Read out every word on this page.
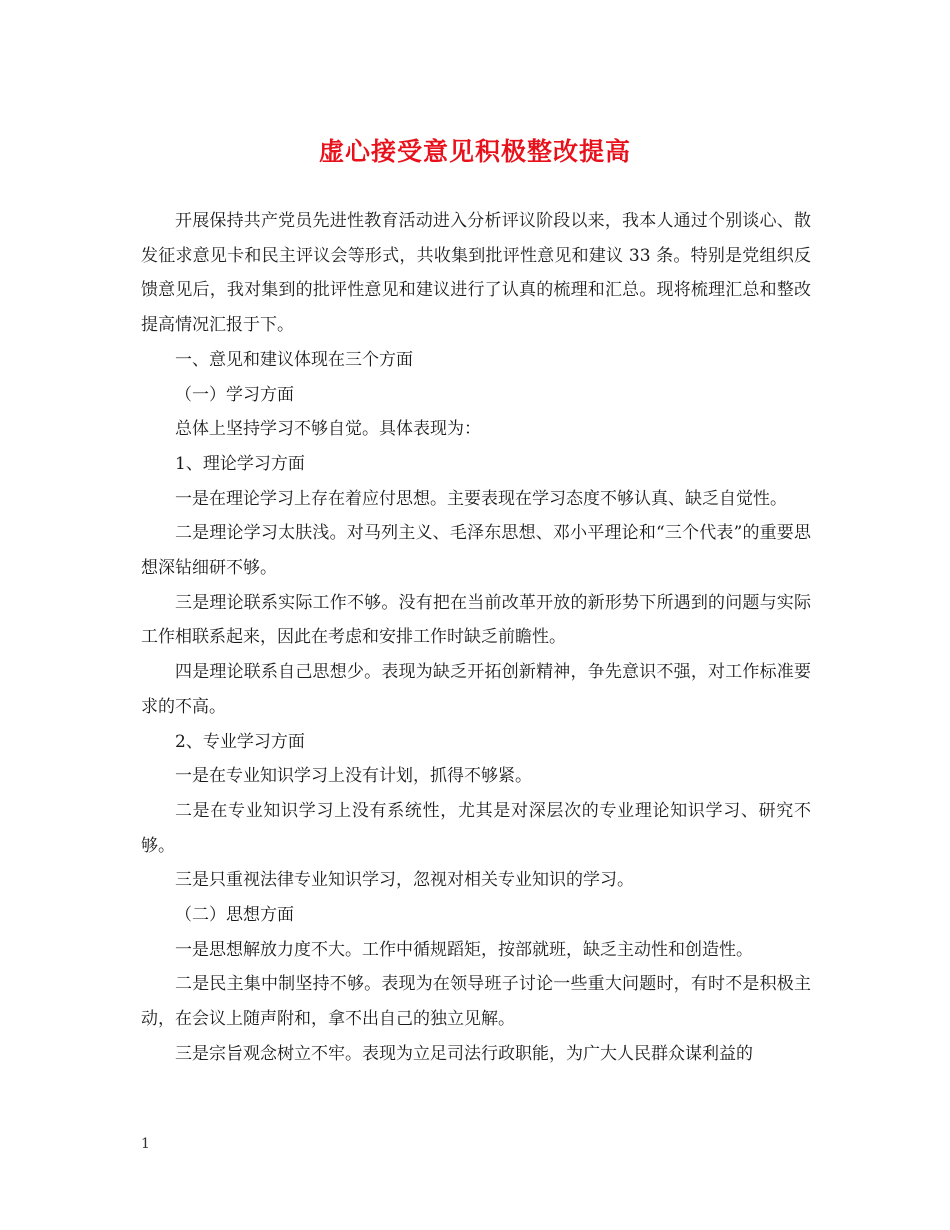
虚心接受意见积极整改提高

开展保持共产党员先进性教育活动进入分析评议阶段以来，我本人通过个别谈心、散发征求意见卡和民主评议会等形式，共收集到批评性意见和建议 33 条。特别是党组织反馈意见后，我对集到的批评性意见和建议进行了认真的梳理和汇总。现将梳理汇总和整改提高情况汇报于下。

一、意见和建议体现在三个方面

（一）学习方面

总体上坚持学习不够自觉。具体表现为：

1、理论学习方面

一是在理论学习上存在着应付思想。主要表现在学习态度不够认真、缺乏自觉性。

二是理论学习太肤浅。对马列主义、毛泽东思想、邓小平理论和“三个代表”的重要思想深钻细研不够。

三是理论联系实际工作不够。没有把在当前改革开放的新形势下所遇到的问题与实际工作相联系起来，因此在考虑和安排工作时缺乏前瞻性。

四是理论联系自己思想少。表现为缺乏开拓创新精神，争先意识不强，对工作标准要求的不高。

2、专业学习方面

一是在专业知识学习上没有计划，抓得不够紧。

二是在专业知识学习上没有系统性，尤其是对深层次的专业理论知识学习、研究不够。

三是只重视法律专业知识学习，忽视对相关专业知识的学习。

（二）思想方面

一是思想解放力度不大。工作中循规蹈矩，按部就班，缺乏主动性和创造性。

二是民主集中制坚持不够。表现为在领导班子讨论一些重大问题时，有时不是积极主动，在会议上随声附和，拿不出自己的独立见解。

三是宗旨观念树立不牢。表现为立足司法行政职能，为广大人民群众谋利益的

1
